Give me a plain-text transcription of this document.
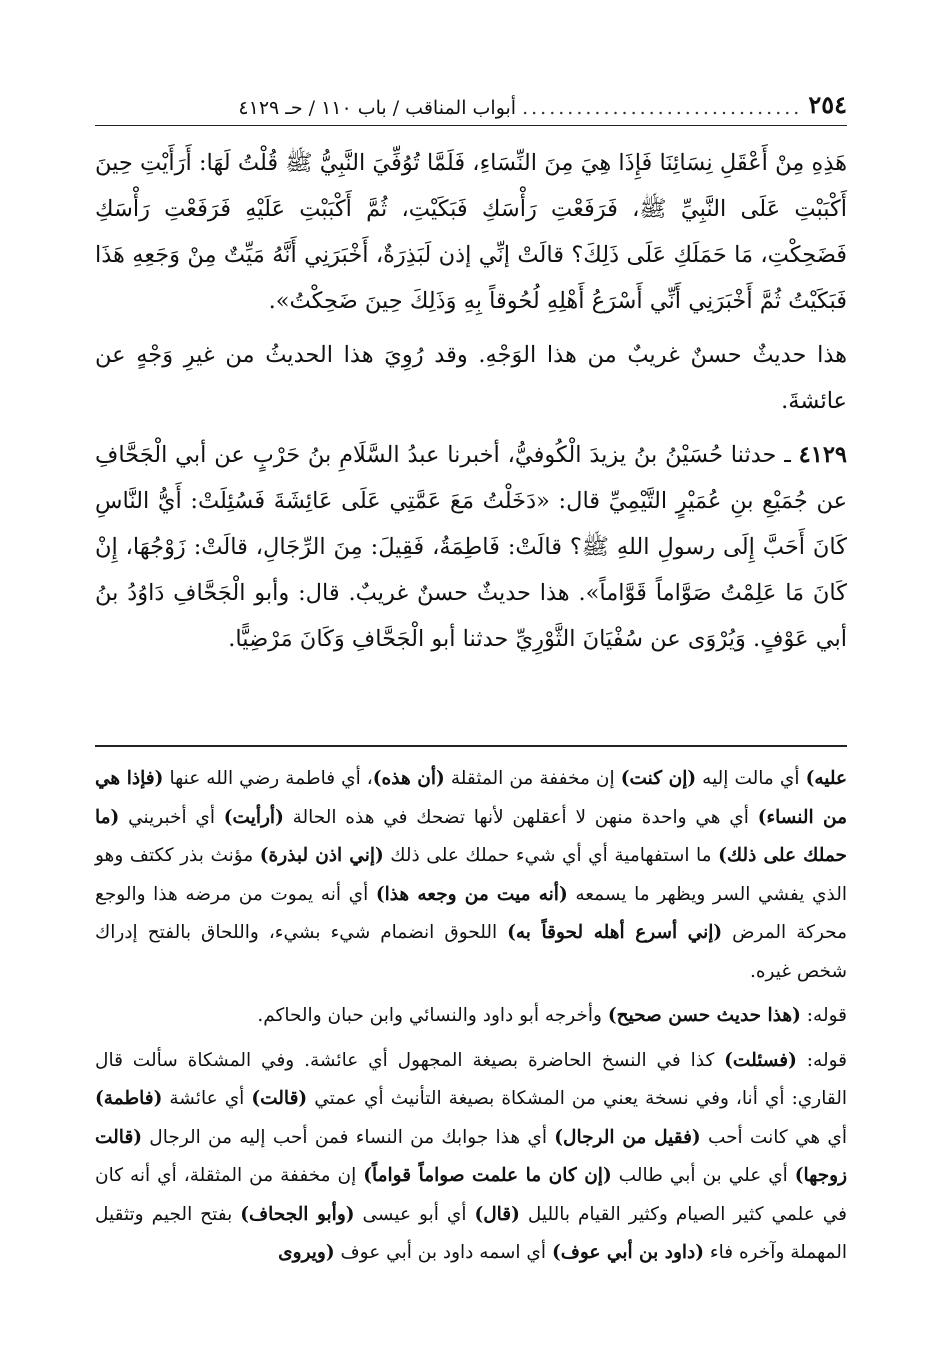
٢٥٤
...............................
أبواب المناقب / باب ١١٠ / حـ ٤١٢٩

هَذِهِ مِنْ أَعْقَلِ نِسَائِنَا فَإِذَا هِيَ مِنَ النِّسَاءِ، فَلَمَّا تُوُفِّيَ النَّبِيُّ ﷺ قُلْتُ لَهَا: أَرَأَيْتِ حِينَ أَكْبَبْتِ عَلَى النَّبِيِّ ﷺ، فَرَفَعْتِ رَأْسَكِ فَبَكَيْتِ، ثُمَّ أَكْبَبْتِ عَلَيْهِ فَرَفَعْتِ رَأْسَكِ فَضَحِكْتِ، مَا حَمَلَكِ عَلَى ذَلِكَ؟ قالَتْ إنِّي إذن لَبَذِرَةٌ، أَخْبَرَنِي أَنَّهُ مَيِّتٌ مِنْ وَجَعِهِ هَذَا فَبَكَيْتُ ثُمَّ أَخْبَرَنِي أَنِّي أَسْرَعُ أَهْلِهِ لُحُوقاً بِهِ وَذَلِكَ حِينَ ضَحِكْتُ».

هذا حديثٌ حسنٌ غريبٌ من هذا الوَجْهِ. وقد رُوِيَ هذا الحديثُ من غيرِ وَجْهٍ عن عائشةَ.

٤١٢٩ ـ حدثنا حُسَيْنُ بنُ يزيدَ الْكُوفيُّ، أخبرنا عبدُ السَّلَامِ بنُ حَرْبٍ عن أبي الْجَحَّافِ عن جُمَيْعِ بنِ عُمَيْرٍ التَّيْمِيِّ قال: «دَخَلْتُ مَعَ عَمَّتِي عَلَى عَائِشَةَ فَسُئِلَتْ: أَيُّ النَّاسِ كَانَ أَحَبَّ إِلَى رسولِ اللهِ ﷺ؟ قالَتْ: فَاطِمَةُ، فَقِيلَ: مِنَ الرِّجَالِ، قالَتْ: زَوْجُهَا، إِنْ كَانَ مَا عَلِمْتُ صَوَّاماً قَوَّاماً». هذا حديثٌ حسنٌ غريبٌ. قال: وأبو الْجَحَّافِ دَاوُدُ بنُ أبي عَوْفٍ. وَيُرْوَى عن سُفْيَانَ الثَّوْرِيِّ حدثنا أبو الْجَحَّافِ وَكَانَ مَرْضِيًّا.

عليه) أي مالت إليه (إن كنت) إن مخففة من المثقلة (أن هذه)، أي فاطمة رضي الله عنها (فإذا هي من النساء) أي هي واحدة منهن لا أعقلهن لأنها تضحك في هذه الحالة (أرأيت) أي أخبريني (ما حملك على ذلك) ما استفهامية أي أي شيء حملك على ذلك (إني اذن لبذرة) مؤنث بذر ككتف وهو الذي يفشي السر ويظهر ما يسمعه (أنه ميت من وجعه هذا) أي أنه يموت من مرضه هذا والوجع محركة المرض (إني أسرع أهله لحوقاً به) اللحوق انضمام شيء بشيء، واللحاق بالفتح إدراك شخص غيره.

قوله: (هذا حديث حسن صحيح) وأخرجه أبو داود والنسائي وابن حبان والحاكم.

قوله: (فسئلت) كذا في النسخ الحاضرة بصيغة المجهول أي عائشة. وفي المشكاة سألت قال القاري: أي أنا، وفي نسخة يعني من المشكاة بصيغة التأنيث أي عمتي (قالت) أي عائشة (فاطمة) أي هي كانت أحب (فقيل من الرجال) أي هذا جوابك من النساء فمن أحب إليه من الرجال (قالت زوجها) أي علي بن أبي طالب (إن كان ما علمت صواماً قواماً) إن مخففة من المثقلة، أي أنه كان في علمي كثير الصيام وكثير القيام بالليل (قال) أي أبو عيسى (وأبو الجحاف) بفتح الجيم وتثقيل المهملة وآخره فاء (داود بن أبي عوف) أي اسمه داود بن أبي عوف (ويروى
